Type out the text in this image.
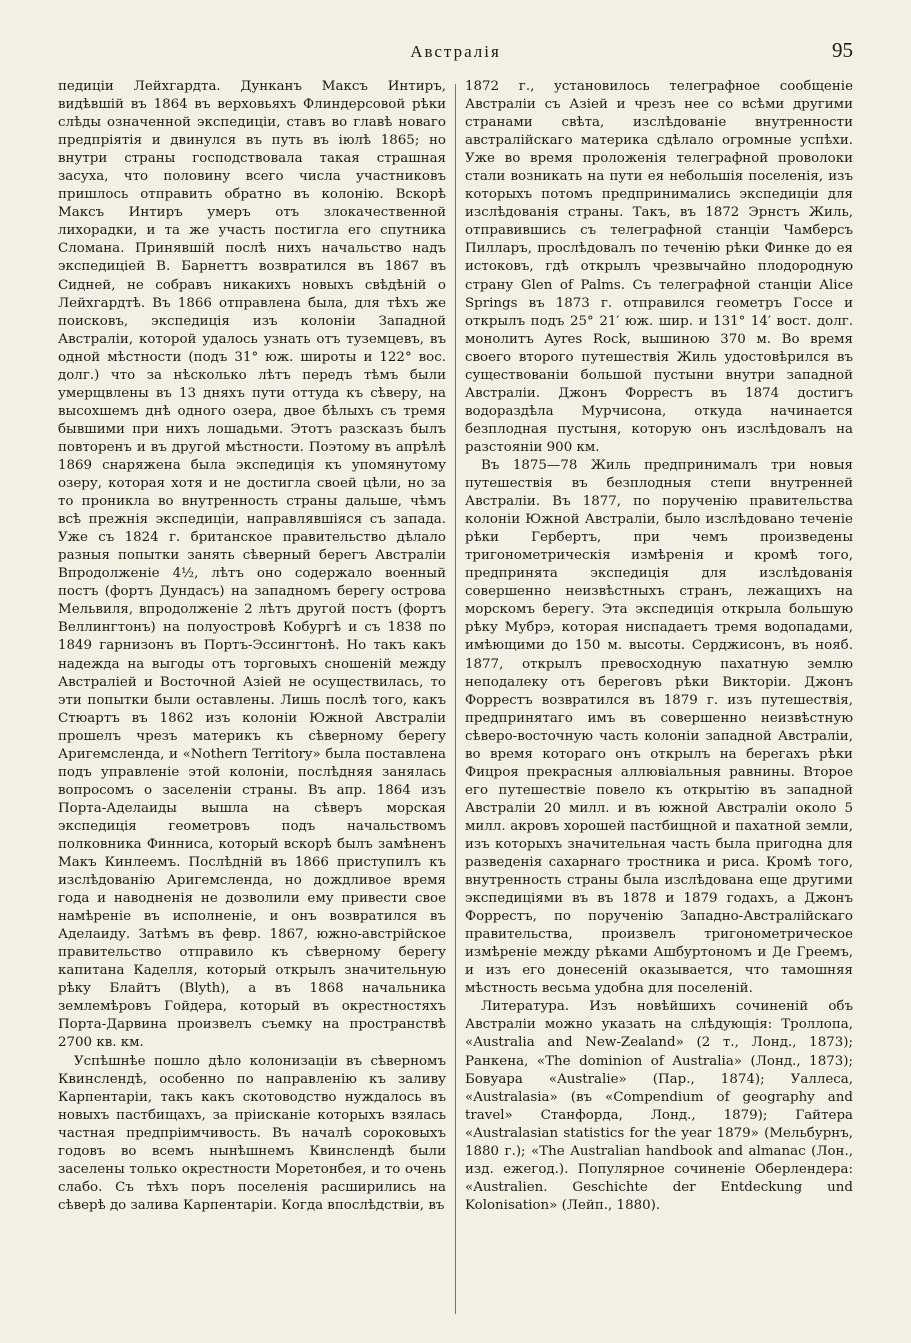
Австралія	95

педиціи Лейхгардта. Дунканъ Максъ Интиръ, видѣвшій въ 1864 въ верховьяхъ Флиндерсовой рѣки слѣды означенной экспедиціи, ставъ во главѣ новаго предпріятія и двинулся въ путь въ іюлѣ 1865; но внутри страны господствовала такая страшная засуха, что половину всего числа участниковъ пришлось отправить обратно въ колонію. Вскорѣ Максъ Интиръ умеръ отъ злокачественной лихорадки, и та же участь постигла его спутника Сломана. Принявшій послѣ нихъ начальство надъ экспедиціей В. Барнеттъ возвратился въ 1867 въ Сидней, не собравъ никакихъ новыхъ свѣдѣній о Лейхгардтѣ. Въ 1866 отправлена была, для тѣхъ же поисковъ, экспедиція изъ колоніи Западной Австраліи, которой удалось узнать отъ туземцевъ, въ одной мѣстности (подъ 31° юж. широты и 122° вос. долг.) что за нѣсколько лѣтъ передъ тѣмъ были умерщвлены въ 13 дняхъ пути оттуда къ сѣверу, на высохшемъ днѣ одного озера, двое бѣлыхъ съ тремя бывшими при нихъ лошадьми. Этотъ разсказъ былъ повторенъ и въ другой мѣстности. Поэтому въ апрѣлѣ 1869 снаряжена была экспедиція къ упомянутому озеру, которая хотя и не достигла своей цѣли, но за то проникла во внутренность страны дальше, чѣмъ всѣ прежнія экспедиціи, направлявшіяся съ запада. Уже съ 1824 г. британское правительство дѣлало разныя попытки занять сѣверный берегъ Австраліи Впродолженіе 4½, лѣтъ оно содержало военный постъ (фортъ Дундасъ) на западномъ берегу острова Мельвиля, впродолженіе 2 лѣтъ другой постъ (фортъ Веллингтонъ) на полуостровѣ Кобургѣ и съ 1838 по 1849 гарнизонъ въ Портъ-Эссингтонѣ. Но такъ какъ надежда на выгоды отъ торговыхъ сношеній между Австраліей и Восточной Азіей не осуществилась, то эти попытки были оставлены. Лишь послѣ того, какъ Стюартъ въ 1862 изъ колоніи Южной Австраліи прошелъ чрезъ материкъ къ сѣверному берегу Аригемслендa, и «Nothern Territory» была поставлена подъ управленіе этой колоніи, послѣдняя занялась вопросомъ о заселеніи страны. Въ апр. 1864 изъ Порта-Аделаиды вышла на сѣверъ морская экспедиція геометровъ подъ начальствомъ полковника Финниса, который вскорѣ былъ замѣненъ Макъ Кинлеемъ. Послѣдній въ 1866 приступилъ къ изслѣдованію Аригемсленда, но дождливое время года и наводненія не дозволили ему привести свое намѣреніе въ исполненіе, и онъ возвратился въ Аделаиду. Затѣмъ въ февр. 1867, южно-австрійское правительство отправило къ сѣверному берегу капитана Каделля, который открылъ значительную рѣку Блайтъ (Blyth), а въ 1868 начальника землемѣровъ Гойдера, который въ окрестностяхъ Порта-Дарвина произвелъ съемку на пространствѣ 2700 кв. км.

Успѣшнѣе пошло дѣло колонизаціи въ сѣверномъ Квинслендѣ, особенно по направленію къ заливу Карпентаріи, такъ какъ скотоводство нуждалось въ новыхъ пастбищахъ, за пріисканіе которыхъ взялась частная предпріимчивость. Въ началѣ сороковыхъ годовъ во всемъ нынѣшнемъ Квинслендѣ были заселены только окрестности Моретонбея, и то очень слабо. Съ тѣхъ поръ поселенія расширились на сѣверѣ до залива Карпентаріи. Когда впослѣдствіи, въ

1872 г., установилось телеграфное сообщеніе Австраліи съ Азіей и чрезъ нее со всѣми другими странами свѣта, изслѣдованіе внутренности австралійскаго материка сдѣлало огромные успѣхи. Уже во время проложенія телеграфной проволоки стали возникать на пути ея небольшія поселенія, изъ которыхъ потомъ предпринимались экспедиціи для изслѣдованія страны. Такъ, въ 1872 Эрнстъ Жиль, отправившись съ телеграфной станціи Чамберсъ Пилларъ, прослѣдовалъ по теченію рѣки Финке до ея истоковъ, гдѣ открылъ чрезвычайно плодородную страну Glen of Palms. Съ телеграфной станціи Alice Springs въ 1873 г. отправился геометръ Госсе и открылъ подъ 25° 21′ юж. шир. и 131° 14′ вост. долг. монолитъ Ayres Rock, вышиною 370 м. Во время своего второго путешествія Жиль удостовѣрился въ существованіи большой пустыни внутри западной Австраліи. Джонъ Форрестъ въ 1874 достигъ водораздѣла Мурчисона, откуда начинается безплодная пустыня, которую онъ изслѣдовалъ на разстояніи 900 км.

Въ 1875—78 Жиль предпринималъ три новыя путешествія въ безплодныя степи внутренней Австраліи. Въ 1877, по порученію правительства колоніи Южной Австраліи, было изслѣдовано теченіе рѣки Гербертъ, при чемъ произведены тригонометрическія измѣренія и кромѣ того, предпринята экспедиція для изслѣдованія совершенно неизвѣстныхъ странъ, лежащихъ на морскомъ берегу. Эта экспедиція открыла большую рѣку Мубрэ, которая ниспадаетъ тремя водопадами, имѣющими до 150 м. высоты. Серджисонъ, въ нояб. 1877, открылъ превосходную пахатную землю неподалеку отъ береговъ рѣки Викторіи. Джонъ Форрестъ возвратился въ 1879 г. изъ путешествія, предпринятаго имъ въ совершенно неизвѣстную сѣверо-восточную часть колоніи западной Австраліи, во время котораго онъ открылъ на берегахъ рѣки Фицроя прекрасныя аллювіальныя равнины. Второе его путешествіе повело къ открытію въ западной Австраліи 20 милл. и въ южной Австраліи около 5 милл. акровъ хорошей пастбищной и пахатной земли, изъ которыхъ значительная часть была пригодна для разведенія сахарнаго тростника и риса. Кромѣ того, внутренность страны была изслѣдована еще другими экспедиціями въ въ 1878 и 1879 годахъ, а Джонъ Форрестъ, по порученію Западно-Австралійскаго правительства, произвелъ тригонометрическое измѣреніе между рѣками Ашбуртономъ и Де Греемъ, и изъ его донесеній оказывается, что тамошняя мѣстность весьма удобна для поселеній.

Литература. Изъ новѣйшихъ сочиненій объ Австраліи можно указать на слѣдующія: Троллопа, «Australia and New-Zealand» (2 т., Лонд., 1873); Ранкена, «The dominion of Australia» (Лонд., 1873); Бовуара «Australie» (Пар., 1874); Уаллеса, «Australasia» (въ «Compendium of geography and travel» Станфорда, Лонд., 1879); Гайтера «Australasian statistics for the year 1879» (Мельбурнъ, 1880 г.); «The Australian handbook and almanac (Лон., изд. ежегод.). Популярное сочиненіе Оберлендера: «Australien. Geschichte der Entdeckung und Kolonisation» (Лейп., 1880).
